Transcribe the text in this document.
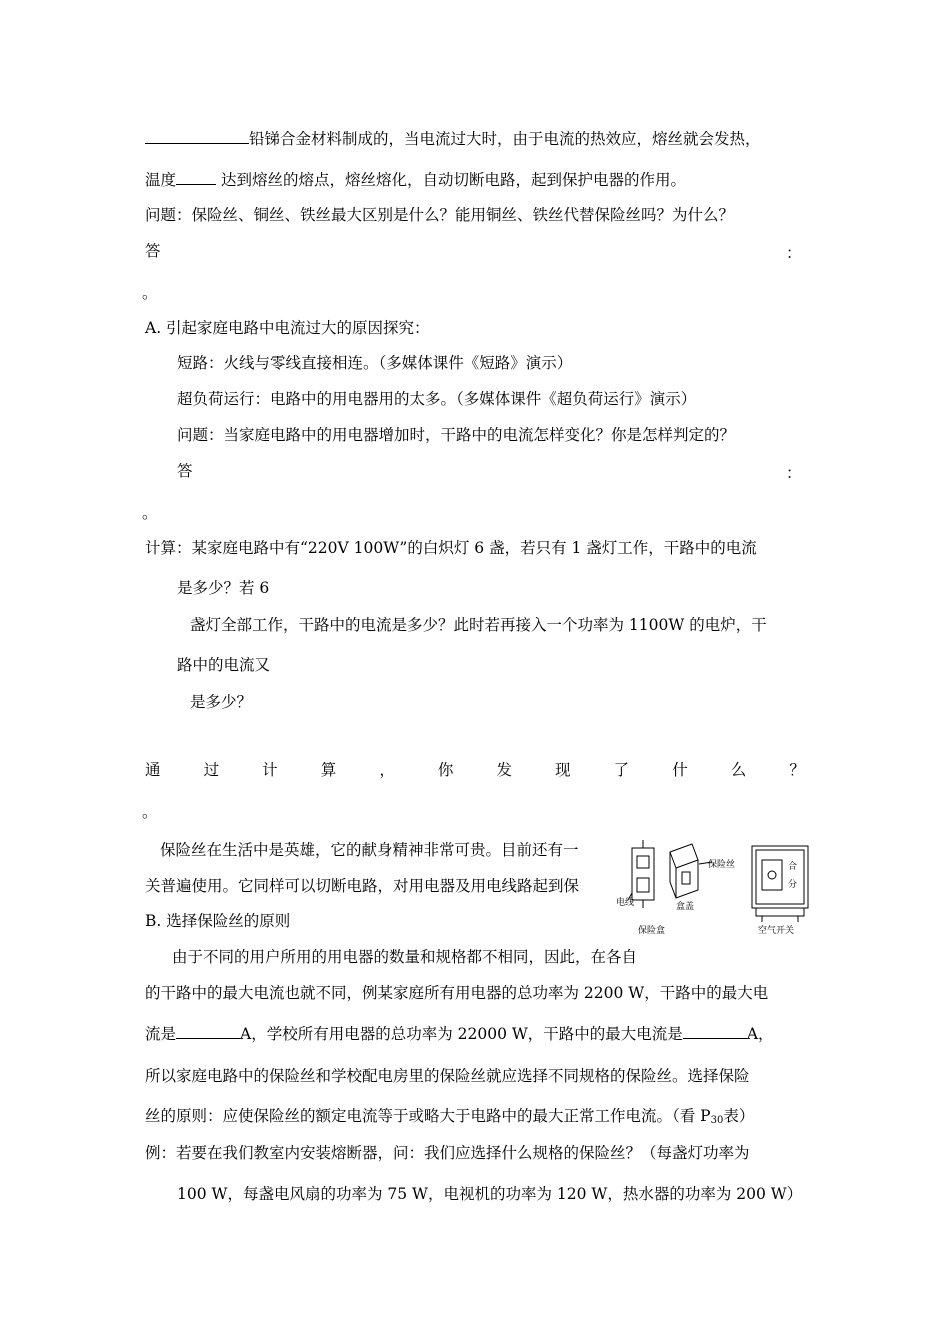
铅锑合金材料制成的，当电流过大时，由于电流的热效应，熔丝就会发热，
温度	达到熔丝的熔点，熔丝熔化，自动切断电路，起到保护电器的作用。
问题：保险丝、铜丝、铁丝最大区别是什么？能用铜丝、铁丝代替保险丝吗？为什么？
答	：
。
A. 引起家庭电路中电流过大的原因探究：
短路：火线与零线直接相连。（多媒体课件《短路》演示）
超负荷运行：电路中的用电器用的太多。（多媒体课件《超负荷运行》演示）
问题：当家庭电路中的用电器增加时，干路中的电流怎样变化？你是怎样判定的？
答	：
。
计算：某家庭电路中有“220V 100W”的白炽灯 6 盏，若只有 1 盏灯工作，干路中的电流
是多少？若 6
盏灯全部工作，干路中的电流是多少？此时若再接入一个功率为 1100W 的电炉，干
路中的电流又
是多少？
通	过	计	算	，	你	发	现	了	什	么	？
。
保险丝在生活中是英雄，它的献身精神非常可贵。目前还有一
关普遍使用。它同样可以切断电路，对用电器及用电线路起到保
保险丝
电线	盒盖
保险盒	空气开关
合
分
B. 选择保险丝的原则
由于不同的用户所用的用电器的数量和规格都不相同，因此，在各自
的干路中的最大电流也就不同，例某家庭所有用电器的总功率为 2200 W，干路中的最大电
流是	A，学校所有用电器的总功率为 22000 W，干路中的最大电流是	A，
所以家庭电路中的保险丝和学校配电房里的保险丝就应选择不同规格的保险丝。选择保险
丝的原则：应使保险丝的额定电流等于或略大于电路中的最大正常工作电流。（看 $P_{30}$表）
例：若要在我们教室内安装熔断器，问：我们应选择什么规格的保险丝？（每盏灯功率为
100 W，每盏电风扇的功率为 75 W，电视机的功率为 120 W，热水器的功率为 200 W）
